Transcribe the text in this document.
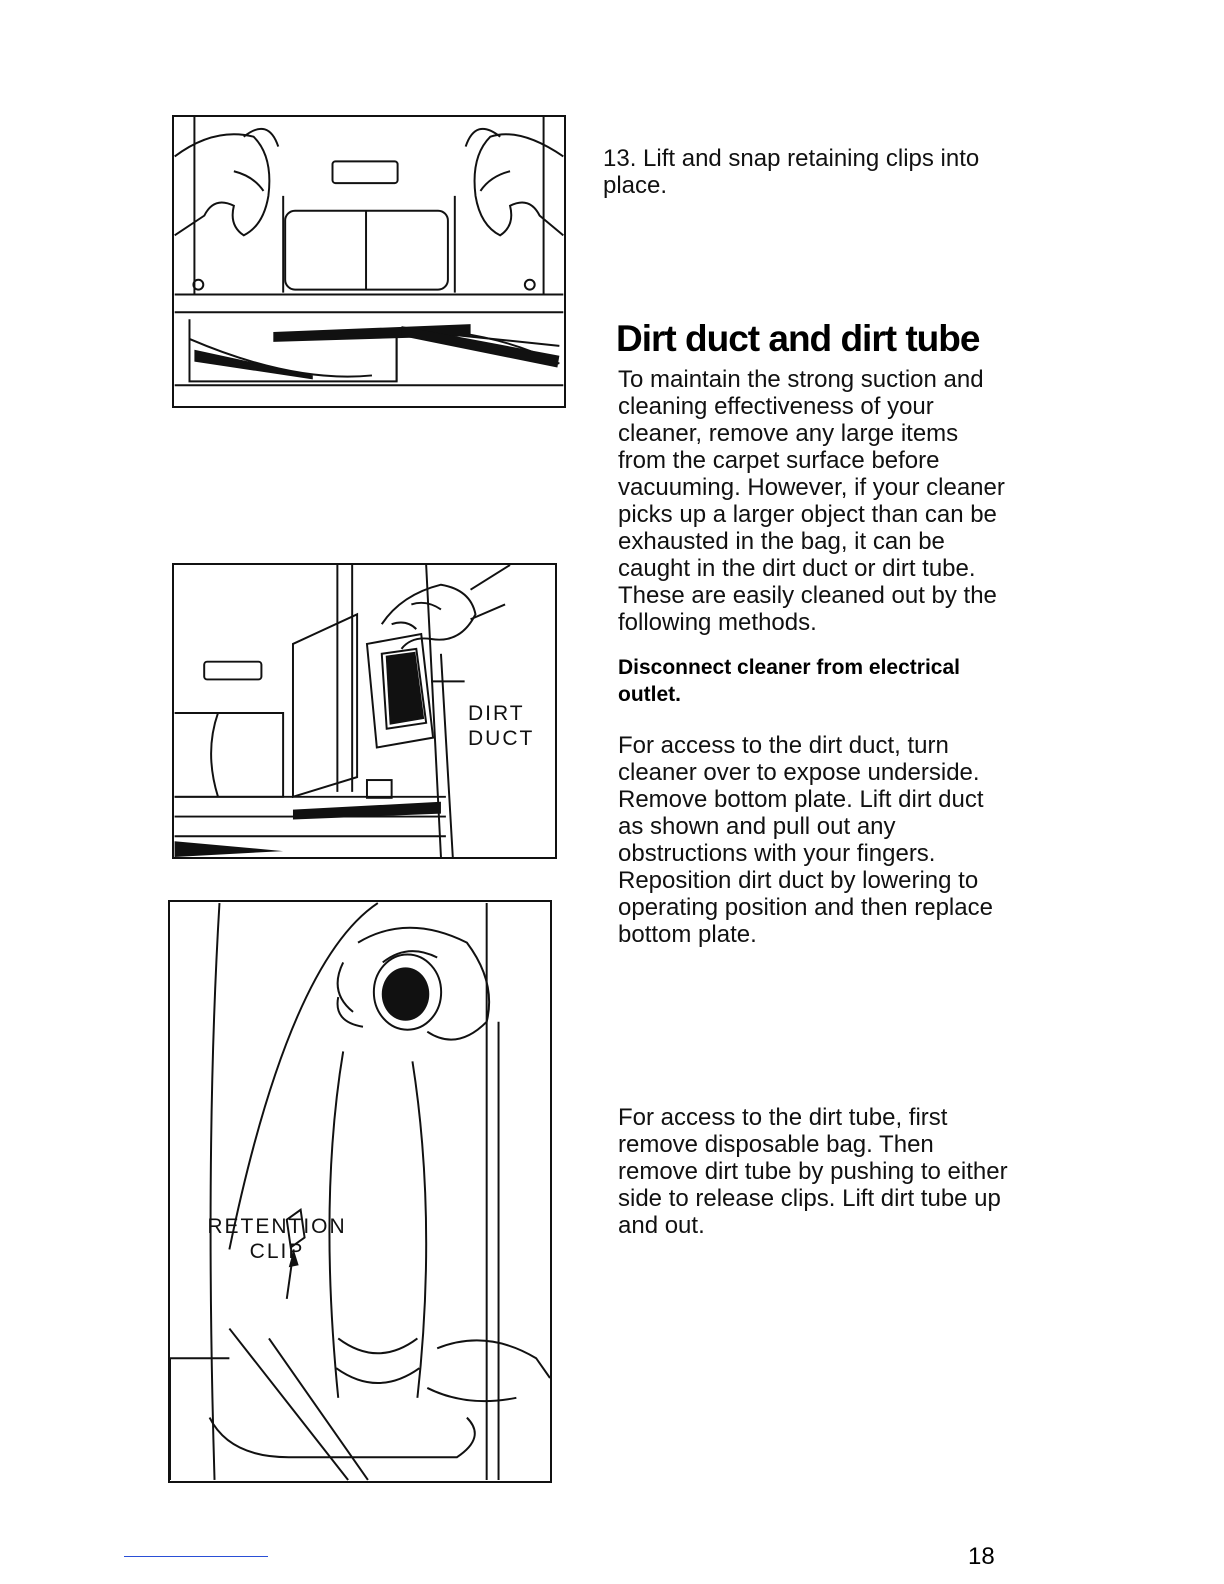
DIRT DUCT
RETENTION CLIP
13. Lift and snap retaining clips into place.
Dirt duct and dirt tube
To maintain the strong suction and cleaning effectiveness of your cleaner, remove any large items from the carpet surface before vacuuming. However, if your cleaner picks up a larger object than can be exhausted in the bag, it can be caught in the dirt duct or dirt tube. These are easily cleaned out by the following methods.
Disconnect cleaner from electrical outlet.
For access to the dirt duct, turn cleaner over to expose underside. Remove bottom plate. Lift dirt duct as shown and pull out any obstructions with your fingers. Reposition dirt duct by lowering to operating position and then replace bottom plate.
For access to the dirt tube, first remove disposable bag. Then remove dirt tube by pushing to either side to release clips. Lift dirt tube up and out.
18
